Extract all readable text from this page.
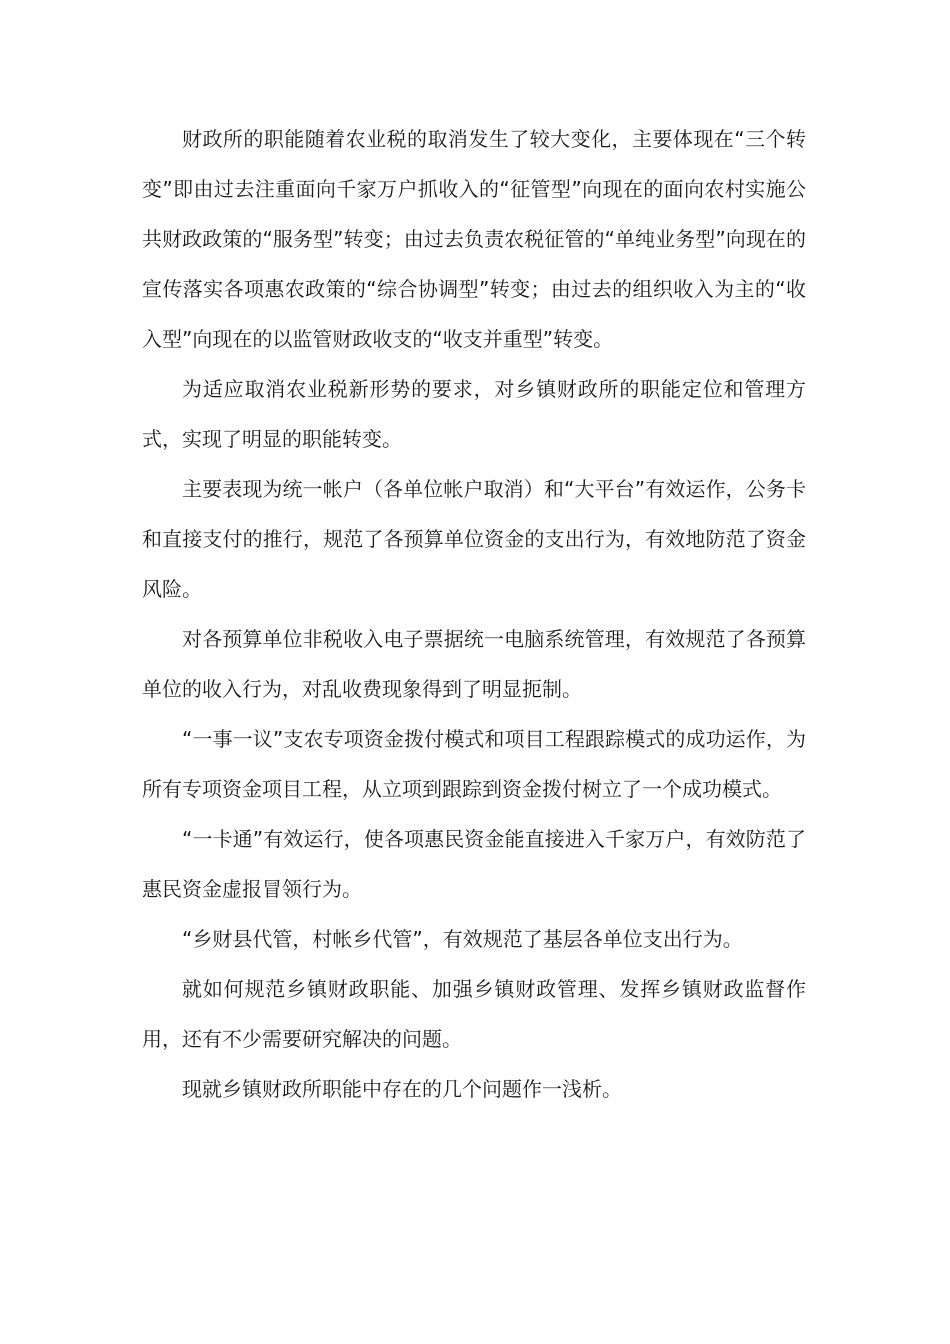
财政所的职能随着农业税的取消发生了较大变化，主要体现在“三个转变”即由过去注重面向千家万户抓收入的“征管型”向现在的面向农村实施公共财政政策的“服务型”转变；由过去负责农税征管的“单纯业务型”向现在的宣传落实各项惠农政策的“综合协调型”转变；由过去的组织收入为主的“收入型”向现在的以监管财政收支的“收支并重型”转变。

为适应取消农业税新形势的要求，对乡镇财政所的职能定位和管理方式，实现了明显的职能转变。

主要表现为统一帐户（各单位帐户取消）和“大平台”有效运作，公务卡和直接支付的推行，规范了各预算单位资金的支出行为，有效地防范了资金风险。

对各预算单位非税收入电子票据统一电脑系统管理，有效规范了各预算单位的收入行为，对乱收费现象得到了明显扼制。

“一事一议”支农专项资金拨付模式和项目工程跟踪模式的成功运作，为所有专项资金项目工程，从立项到跟踪到资金拨付树立了一个成功模式。

“一卡通”有效运行，使各项惠民资金能直接进入千家万户，有效防范了惠民资金虚报冒领行为。

“乡财县代管，村帐乡代管”，有效规范了基层各单位支出行为。

就如何规范乡镇财政职能、加强乡镇财政管理、发挥乡镇财政监督作用，还有不少需要研究解决的问题。

现就乡镇财政所职能中存在的几个问题作一浅析。
